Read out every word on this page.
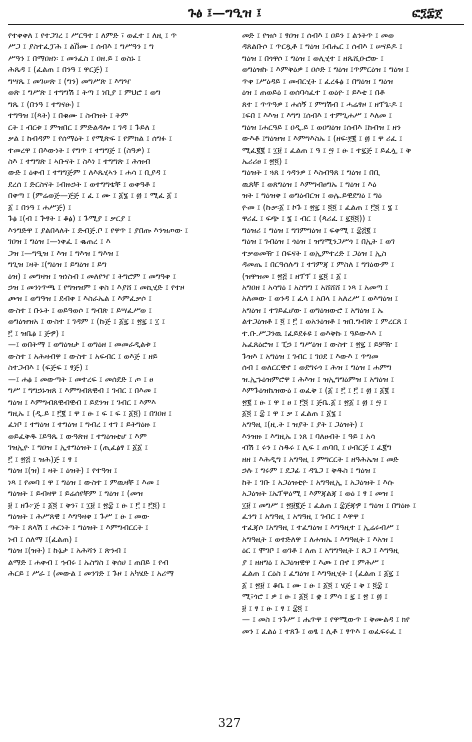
ጉፅ ፤—ግዒዝ ፤	ፎ፺፰ጀ
የተቀቀለ ፤ የተጋገረ ፤ ሥርዓተ ፤ ለምድ ፣ ወፈተ ፤ ለዚ ፤ ጥ
ሥጋ ፤ ያስተፈፓሕ ፤ ልበ፝ሙ ፤ ሰብእ ፤ ግሥዓን ፤ ግ
ሥዓን ፤ በማዐዘነ፡ ፤ መንፈስ ፤ ዐዘ.ይ ፤ ወስኑ ፤
ሕጼዳ ፤ (ፈልጠ ፤ በንዓ ፤ ዋርጅ) ፤
ግሣጼ ፤ መገሠጽ ፤ (ግን) መግሥጽ ፤ እግዣ
ወጽ ፤ ግሥጽ ፤ ተግግሽ ፤ ትጣ ፤ ነቢያ ፤ ምህሮ ፤ ወግ
ግጼ ፤ (በንዓ ፤ ተግናፁ) ፤
ተግዓዝ ፤(ጻት) ፤ በቁሙ ፤ ስብዝት ፤ ትም
ርት ፤ ብርቱ ፤ ምዝበር ፤ ምድልዳሎ ፤ ገዳ ፤ ጉይለ ፤
ቃል ፤ ከብዳም ፤ የሰማዕት ፤ የሚጽፍ ፤ የምክል ፤ ሰግፉ ፤
ተመረዋ ፤ በእውነት ፤ የግጥ ፤ ተግግጅ ፤ (ስዓዎ) ፤
ስእ ፤ ተግግጽ ፤ ኣቡናት ፤ ስእነ ፤ ተግግጽ ፤ ሕዝብ
ውድ ፤ ዕቀብ ፤ ተግግጅም ፤ ለእጼሂኣን ፤ ሐሳ ፤ ቢያዳ ፤
ደረሰ ፤ ድርስናት ፤ብዙኃት ፤ ወተግግቴቸ ፤ ወቀዓቶ ፤
በቀጣ ፤ (ምሬወጅ—ጅጅ ፤ ፈ ፤ ሙ ፤ ፩፮ ፤ ፴ ፤ ሚፈ ፩ ፤
፩ ፤ በንዓ ፤ ሐሥጅ) ፤
ጉፅ ፤(ብ ፤ ጕፃት ፤ ቆፅ) ፤ ጉሚያ ፤ ቃርያ ፤
እንግድዋ ፤ ያልበላለት ፤ ድብጅ.ቦ ፤ የዋጥ ፤ ያበጡ እንዝጦው ፤
ገዐዝ ፤ ግዕዝ ፤—ነቀፈ ፤ ቈጠረ ፤ እ
ጋዝ ፤—ግዒዝ ፤ እዝ ፤ ግእዝ ፤ ግእዝ ፤
ግጊዝ ፤ዛት ፤(ግዕዝ ፤ ይግዕዝ ፤ ይግ
ዕዝ) ፤ መግዛዝ ፤ ዝነስብ ፤ መለየዣ ፤ ትግሮም ፤ መግዓቀ ፤
ኃዝ ፤ መንነጥጫ ፤ የግዝዝም ፤ ቀስ ፤ እያሸ ፤ መኪሂድ ፤ የተዞ
ጮዝ ፤ ወግዓዝ ፤ ደብቀ ፤ እስራኤል ፤ እምፈቃሶ ፤
ውስተ ፤ ቡኑት ፤ ወይዓወሶ ፤ ግብጽ ፤ ይሣፈሥወ ፤
ወግዕዝዝአ ፤ ውስተ ፤ ገዳም ፤ (ኩጅ ፤ ፩፯ ፤ ፳፯ ፤ ፲ ፤
፫ ፤ ዝቤፅ ፤ ጅፇ) ፤
—፤ ወበትማ ፤ ወግዕዝታ ፤ ወግዕዘ ፤ መመራዲልቱ ፤
ውስተ ፤ አሕዛብዋ ፤ ውስተ ፤ አፍብር ፤ ወእጅ ፤ ዘይ
ስተጋብእ ፤ (ፍጅፍ ፤ ፃጅ) ፤
—፤ ሐፅ ፤ መውጣት ፤ መተረፍ ፤ መሰደድ ፤ ጦ ፤ ፀ
ግሥ ፤ ግግኃኑዝጸ ፤ እምግብጸዊብ ፤ ገብር ፤ በእመ ፤
ግዕዝ ፤ እምግብጸዊብዊብ ፤ ይደንዝ ፤ ገብር ፤ እምእ
ግዚኡ ፤ (ዲ.ይ ፤ ፫፪ ፤ ዋ ፤ ፁ ፤ ፍ ፤ ፍ ፤ ፩፬) ፤ በገዐዘ ፤
ፈነቦ ፤ ተግዕዝ ፤ ተግዕዝ ፤ ግብረ ፤ ተገ ፤ ይትግዕዙ ፤
ወይፈቅዱ ፤ይዓጼ ፤ ውዓጽዘ ፤ ተግዕዝቲሆ ፤ እም
ገዝኢዮ ፤ ግዐዝ ፤ ኢተግዕዝት ፤ (ጢፈፅፃ ፤ ፩፩ ፤
፫ ፤ ፳፭ ፤ ዝሕ)ጅ ፤ ፃ ፤
ግዕዝ ፤(ዝ) ፤ ዛት ፤ ዕዝት) ፤ የተዓዝ ፤
ነጻ ፤ የመባ ፤ ዋ ፤ ግዕዝ ፤ ውስተ ፤ ምዉዛቸ ፤ እመ ፤
ግዕዝት ፤ ይብዛዋ ፤ ይሬሰየቸም ፤ ግዕዝ ፤ (መዝ
፱ ፤ ዘጉ፦ጅ ፤ ፩፬ ፤ ቅን፣ ፤ ፲፱ ፤ ፳፰ ፤ ፁ ፤ ፫ ፤ ፫፬) ፤
ግዕዝት ፤ ሕሥጸዊ ፤ እግዓዛቀ ፤ ጉሥ ፤ ፁ ፤ መው
ጣት ፤ ጸላሽ ፤ ሐርነት ፤ ግዕዝት ፤ እምግብርርት ፤
ነብ ፤ ሰለማ ፤(ፈልጠ) ፤
ግዕዝ ፤(ዝት) ፤ ኩኔታ ፤ አሕሻን ፤ ጽንብ ፤
ልማድ ፤ ሐቀብ ፤ ኅብሩ ፤ ኡስግስ ፤ ቅሰሀ ፤ ጠበይ ፤ የብ
ሕርይ ፤ ሥራ ፤ (መውል ፤ መንገድ ፤ ጉዞ ፤ አካሄድ ፤ አሪማ
መድ ፤ የዝሶ ፤ ፃዐዝ ፤ ሰብእ ፤ ዐይን ፤ ልንትጥ ፤ መወ
ዳጸልቡሶ ፤ ጥርጿቶ ፤ ግዕዝ ፤ብሔር ፤ ሰብእ ፤ ሠናይዶ ፤
ግዕዝ ፤ በጎዋሶ ፤ ግዕዝ ፤ ወሊሂተ ፤ ዘጼሺዑሮው ፤
ወግዕዝኩ ፤ እምቅዕዎ ፤ ዐሶድ ፤ ግዕዝ ፤ጥምርዕዝ ፤ ግዕዝ ፤
ጥቀ ፤ሥዕዳይ ፤ መብርሂት ፤ ፈረፋፅ ፤ በግዕዝ ፤ ግዕዝ
ዕዝ ፤ ጠወይዕ ፤ ወሰባሳፈተ ፤ ወዕዮ ፤ ይእቲ ፤ በቶ
ጸተ ፤ ጥጥዓዎ ፤ ሐሰኝ ፤ ምግሽብ ፤ ሓሬፃዞ ፤ ዘፕጌ፡ዶ ፤
፤ፍበ ፤ እእዝ ፤ እግግ ፤ሰብእ ፤ ተምጊሐሥ ፤ እለመ ፤
ግዕዝ ፤ሐርዓይ ፤ ዐዲ.ይ ፤ ወዐግዕዝ ፤ሰብእ ፤ከብዝ ፤ ዘን
ውእቶ ፤ግዕዝዝ ፤ እምግእስኡ ፤ (ዘፍ፡፻፪ ፤ ፴ ፤ ዋ ሪፈ ፤
ሚፈ፪፪ ፤ ፲፱ ፤ ፈልጠ ፤ ዓ ፤ ፵ ፤ ፁ ፤ ተ፯ጅ ፤ ይፈሏ ፤ ቅ
ኤሪሪፀ ፤ ፳፬) ፤
ግዕዝት ፤ ጓጸ ፤ ጎዳንዎ ፤ እስብዓጸ ፤ ግዕዝ ፤ በቢ
ዉጸቸ ፤ ወጸግዕዝ ፤ እምግብፀግኡ ፤ ግዕዝ ፤ እዕ
ዝት ፤ ግዕዝቀ ፤ ወግዕብርዝ ፤ ወሌ.ይዊደግዕ ፤ ግዕ
ዮመ ፤ (ኩቃ፡፩ ፤ ኮጉ ፤ ፳፯ ፤ ፬፬ ፤ ፈልጠ ፤ ፫፬ ፤ ፮ ፤
ዋሪፈ ፤ ፍጭ ፤ ፮ ፤ ብር ፤ (ጳሪፈ ፤ ፯፬፬)) ፤
ግዕዝሪ ፤ ግዕዝ ፤ ግገምግዕዝ ፤ ፍቀሚ ፤ ፰፭፪ ፤
ግዕዝ ፤ ገብዕዝ ፤ ጎዕዝ ፤ ዝግሚንጋሥጎ ፤ በኢት ፤ ወገ
ተቃወመዥ ፤ በፍናት ፤ ወኢምተረድ ፤ ጋዕዝ ፤ ኢስ
ዳመጤ ፤ በርዓሰሉግ ፤ ተገምጃ ፤ ምስለ ፤ ግገዕውም ፤
(ዝዋዝመ ፤ ፳፭ ፤ ዘፕፕ ፤ ፯፬ ፤ ፩ ፤
አግዐዘ ፤ አሳግዕ ፤ አስግግ ፤ አሸሸሸ ፤ ነጻ ፤ አመጣ ፤
አለመው ፤ ወንዳ ፤ ፈላ ፤ አበላ ፤ አለረሥ ፤ ወእግዕዝ ፤
አግዕዝ ፤ ተገይፈሆው ፤ ወግዕዝውሮ ፤ አግዕዝ ፤ ኡ
ልተጋዕዝቶ ፤ ፬ ፤ ፫ ፤ ወአንዕዝቶ ፤ ዝበ.ግብጽ ፤ ምረርጸ ፤
ተ.ቡ.ሥጋንዉ ፤ፈይደፉዩ ፤ ወእቅኩ ፤ ዓይውእእ ፤
ኡፈጸዕሮዝ ፤ ፒኃ ፤ ግሥዕዝ ፤ ውስተ ፤ ፳፯ ፤ ይቻዥ ፤
ጉዝእ ፤ አግዕዝ ፤ ገብር ፤ ገዐደ ፤ እውእ ፤ ጥግመ
ሰብ ፤ ወለርርዊኖ ፤ ወደግሩጎ ፤ ሕዝ ፤ ግዕዝ ፤ ሐምግ
ዝ.ኢኁዕዝምሮዋ ፤ ሕእዝ ፤ ዝኢግግዕምዝ ፤ አግዕዝ ፤
እምጉዕዝኬዝውዕ ፤ ወፈቅ ፤ (፩ ፤ ፫ ፤ ፫ ፤ ፴ ፤ ፩፪ ፤
፳፪ ፤ ፁ ፤ ዋ ፤ ፀ ፤ ፫፬ ፤ ጅቤ.፩ ፤ ፳፩ ፤ ፴ ፤ ፵ ፤
፩፬ ፤ ፰ ፤ ዋ ፤ ቃ ፤ ፈልጠ ፤ ፩፮ ፤
አግዓዚ ፤(ዚ.ት ፤ ዝያት ፤ ያት ፤ ጋዕዝት) ፤
እንዝዙ ፤ እግዚኡ ፤ ነጸ ፤ ባለፀብት ፤ ዓይ ፤ አሳ
ብሽ ፤ ሩን ፤ ስዱሩ ፤ ሊፍ ፤ ጠባቢ ፤ ሀብርጅ ፤ ፈ፪ግ
ዘዘ ፤ እሕዲግ ፤ አግዓዚ ፤ ምግርርት ፤ ዘዓሕኤዝ ፤ መድ
ኃሉ ፤ ግሩም ፤ ደጋፊ ፤ ዳጌጋ ፤ ቅዱስ ፤ ግዕዝ ፤
ከት ፤ ገቡ ፤ አጋዕዝቲዮ ፤ አግዓዚኢ ፤ አጋዕዝት ፤ እሱ
አጋዕዝት ፤ኤፕዋዕሚ ፤ እምጃልጃ ፤ ወዕ ፤ ፃ ፤ መዝ ፤
፲፱ ፤ መግሥ ፤ ፳፱፪ጅ ፤ ፈልጠ ፤ ፰ጅጃፇ ፤ ግዕዝ ፤ በግዕዙ ፤
ፈንግ ፤ አግዓዚ ፤ አግዓዚ ፤ ገብር ፤ እዋዋ ፤
ተፈጃሶ ፤አግዓዚ ፤ ተፈግዕዝ ፤ እግዓዚተ ፤ ኢሬሩብሥ ፤
አግዓዚት ፤ ወተድለዋ ፤ ለሐዝኤ ፤ እግዓዚት ፤ እአዝ ፤
ዕር ፤ ሞገቦ ፤ ወገቶ ፤ ለጠ ፤ አግግዓዚት ፤ ጸጋ ፤ እግዓዚ
ያ ፤ ዘዘግዕ ፤ አጋዕዝዊዋ ፤ እጮ ፤ በኖ ፤ ምሕሥ ፤
ፈልጠ ፤ ርዕስ ፤ ፈግዕዝ ፤ እግዓዚሂት ፤ (ፈልጠ ፤ ፩፯ ፤
፩ ፤ ፳፱ ፤ ቆቤ ፤ ሙ ፤ ፁ ፤ ፩፬ ፤ ሄጅ ፤ ቅ ፤ ፬፰ ፤
ሚ፣ጎሮ ፤ ዎ ፤ ፁ ፤ ፩፬ ፤ ቋ ፤ ምሳ ፤ ፯ ፤ ፳ ፤ ፴ ፤
፱ ፤ ፃ ፤ ፁ ፤ ፃ ፤ ፰፬ ፤
— ፤ መስ ፤ ንጉሥ ፤ ሔጥዋ ፤ የዋሚውጥ ፤ ቅሙልዳ ፤ ክየ
መን ፤ ፈልዕ ፤ ተጸጉ ፤ ወፄ ፤ ሊቶ ፤ ፃጥእ ፤ ወፈፍሩፈ ፤
327
